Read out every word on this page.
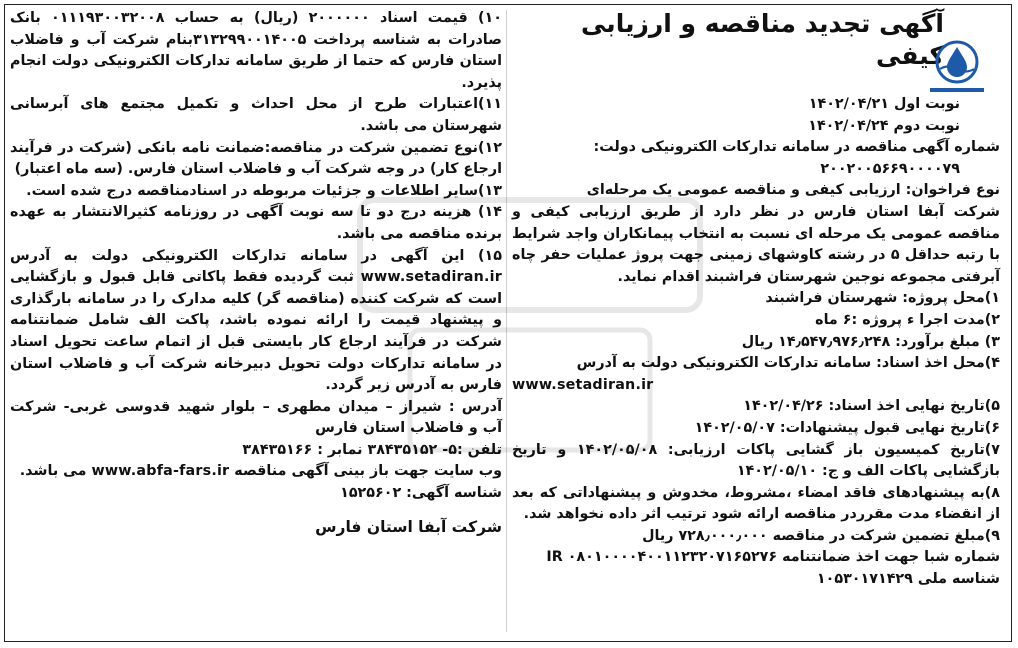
آگهی تجدید مناقصه و ارزیابی کیفی
نوبت اول ۱۴۰۲/۰۴/۲۱
نوبت دوم ۱۴۰۲/۰۴/۲۴
شماره آگهی مناقصه در سامانه تدارکات الکترونیکی دولت:
۲۰۰۲۰۰۵۶۶۹۰۰۰۰۷۹
نوع فراخوان: ارزیابی کیفی و مناقصه عمومی یک مرحله‌ای
شرکت آبفا استان فارس در نظر دارد از طریق ارزیابی کیفی و مناقصه عمومی یک مرحله ای نسبت به انتخاب پیمانکاران واجد شرایط با رتبه حداقل ۵ در رشته کاوشهای زمینی جهت پروژ عملیات حفر چاه آبرفتی مجموعه نوجین شهرستان فراشبند اقدام نماید.
۱)محل پروژه: شهرستان فراشبند
۲)مدت اجرا ء پروژه :۶ ماه
۳) مبلغ برآورد: ۱۴٫۵۴۷٫۹۷۶٫۲۴۸ ریال
۴)محل اخذ اسناد: سامانه تدارکات الکترونیکی دولت به آدرس
www.setadiran.ir
۵)تاریخ نهایی اخذ اسناد: ۱۴۰۲/۰۴/۲۶
۶)تاریخ نهایی قبول پیشنهادات: ۱۴۰۲/۰۵/۰۷
۷)تاریخ کمیسیون باز گشایی پاکات ارزیابی: ۱۴۰۲/۰۵/۰۸ و تاریخ بازگشایی پاکات الف و ج: ۱۴۰۲/۰۵/۱۰
۸)به پیشنهادهای فاقد امضاء ،مشروط، مخدوش و پیشنهاداتی که بعد از انقضاء مدت مقرردر مناقصه ارائه شود ترتیب اثر داده نخواهد شد.
۹)مبلغ تضمین شرکت در مناقصه ۷۲۸٫۰۰۰٫۰۰۰ ریال
شماره شبا جهت اخذ ضمانتنامه IR ۰۸۰۱۰۰۰۰۴۰۰۱۱۲۳۲۰۷۱۶۵۲۷۶
شناسه ملی ۱۰۵۳۰۱۷۱۴۲۹
۱۰) قیمت اسناد ۲۰۰۰۰۰۰ (ریال) به حساب ۰۱۱۱۹۳۰۰۳۲۰۰۸ بانک صادرات به شناسه پرداخت ۳۱۳۲۹۹۰۰۱۴۰۰۵بنام شرکت آب و فاضلاب استان فارس که حتما از طریق سامانه تدارکات الکترونیکی دولت انجام پذیرد.
۱۱)اعتبارات طرح از محل احداث و تکمیل مجتمع های آبرسانی شهرستان می باشد.
۱۲)نوع تضمین شرکت در مناقصه:ضمانت نامه بانکی (شرکت در فرآیند ارجاع کار) در وجه شرکت آب و فاضلاب استان فارس. (سه ماه اعتبار)
۱۳)سایر اطلاعات و جزئیات مربوطه در اسنادمناقصه درج شده است.
۱۴) هزینه درج دو تا سه نوبت آگهی در روزنامه کثیرالانتشار به عهده برنده مناقصه می باشد.
۱۵) این آگهی در سامانه تدارکات الکترونیکی دولت به آدرس www.setadiran.ir ثبت گردیده فقط پاکاتی قابل قبول و بازگشایی است که شرکت کننده (مناقصه گر) کلیه مدارک را در سامانه بارگذاری و پیشنهاد قیمت را ارائه نموده باشد، پاکت الف شامل ضمانتنامه شرکت در فرآیند ارجاع کار بایستی قبل از اتمام ساعت تحویل اسناد در سامانه تدارکات دولت تحویل دبیرخانه شرکت آب و فاضلاب استان فارس به آدرس زیر گردد.
آدرس : شیراز – میدان مطهری – بلوار شهید قدوسی غربی- شرکت آب و فاضلاب استان فارس
تلفن :۵- ۳۸۴۳۵۱۵۲ نمابر : ۳۸۴۳۵۱۶۶
وب سایت جهت باز بینی آگهی مناقصه www.abfa-fars.ir می باشد.
شناسه آگهی: ۱۵۲۵۶۰۲
شرکت آبفا استان فارس
